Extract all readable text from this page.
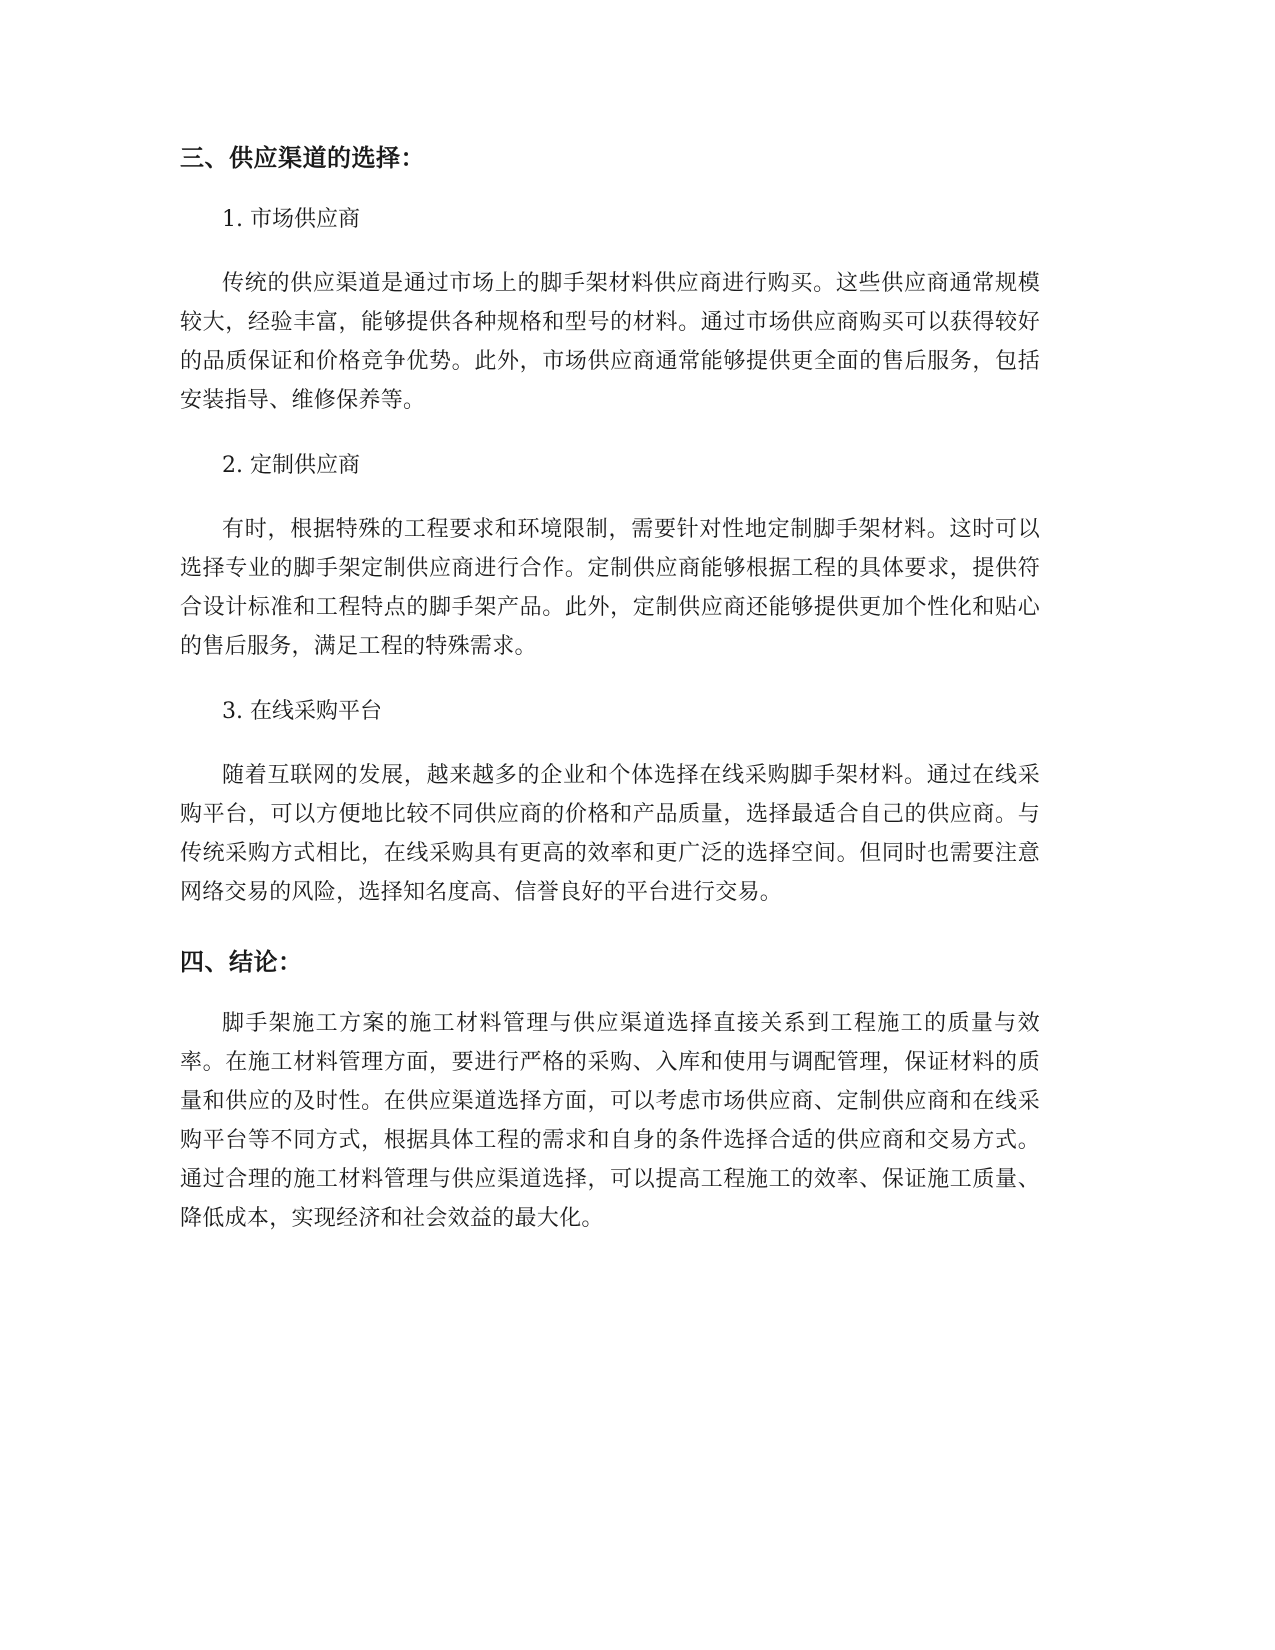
三、供应渠道的选择：
1. 市场供应商

传统的供应渠道是通过市场上的脚手架材料供应商进行购买。这些供应商通常规模较大，经验丰富，能够提供各种规格和型号的材料。通过市场供应商购买可以获得较好的品质保证和价格竞争优势。此外，市场供应商通常能够提供更全面的售后服务，包括安装指导、维修保养等。

2. 定制供应商

有时，根据特殊的工程要求和环境限制，需要针对性地定制脚手架材料。这时可以选择专业的脚手架定制供应商进行合作。定制供应商能够根据工程的具体要求，提供符合设计标准和工程特点的脚手架产品。此外，定制供应商还能够提供更加个性化和贴心的售后服务，满足工程的特殊需求。

3. 在线采购平台

随着互联网的发展，越来越多的企业和个体选择在线采购脚手架材料。通过在线采购平台，可以方便地比较不同供应商的价格和产品质量，选择最适合自己的供应商。与传统采购方式相比，在线采购具有更高的效率和更广泛的选择空间。但同时也需要注意网络交易的风险，选择知名度高、信誉良好的平台进行交易。

四、结论：

脚手架施工方案的施工材料管理与供应渠道选择直接关系到工程施工的质量与效率。在施工材料管理方面，要进行严格的采购、入库和使用与调配管理，保证材料的质量和供应的及时性。在供应渠道选择方面，可以考虑市场供应商、定制供应商和在线采购平台等不同方式，根据具体工程的需求和自身的条件选择合适的供应商和交易方式。通过合理的施工材料管理与供应渠道选择，可以提高工程施工的效率、保证施工质量、降低成本，实现经济和社会效益的最大化。
